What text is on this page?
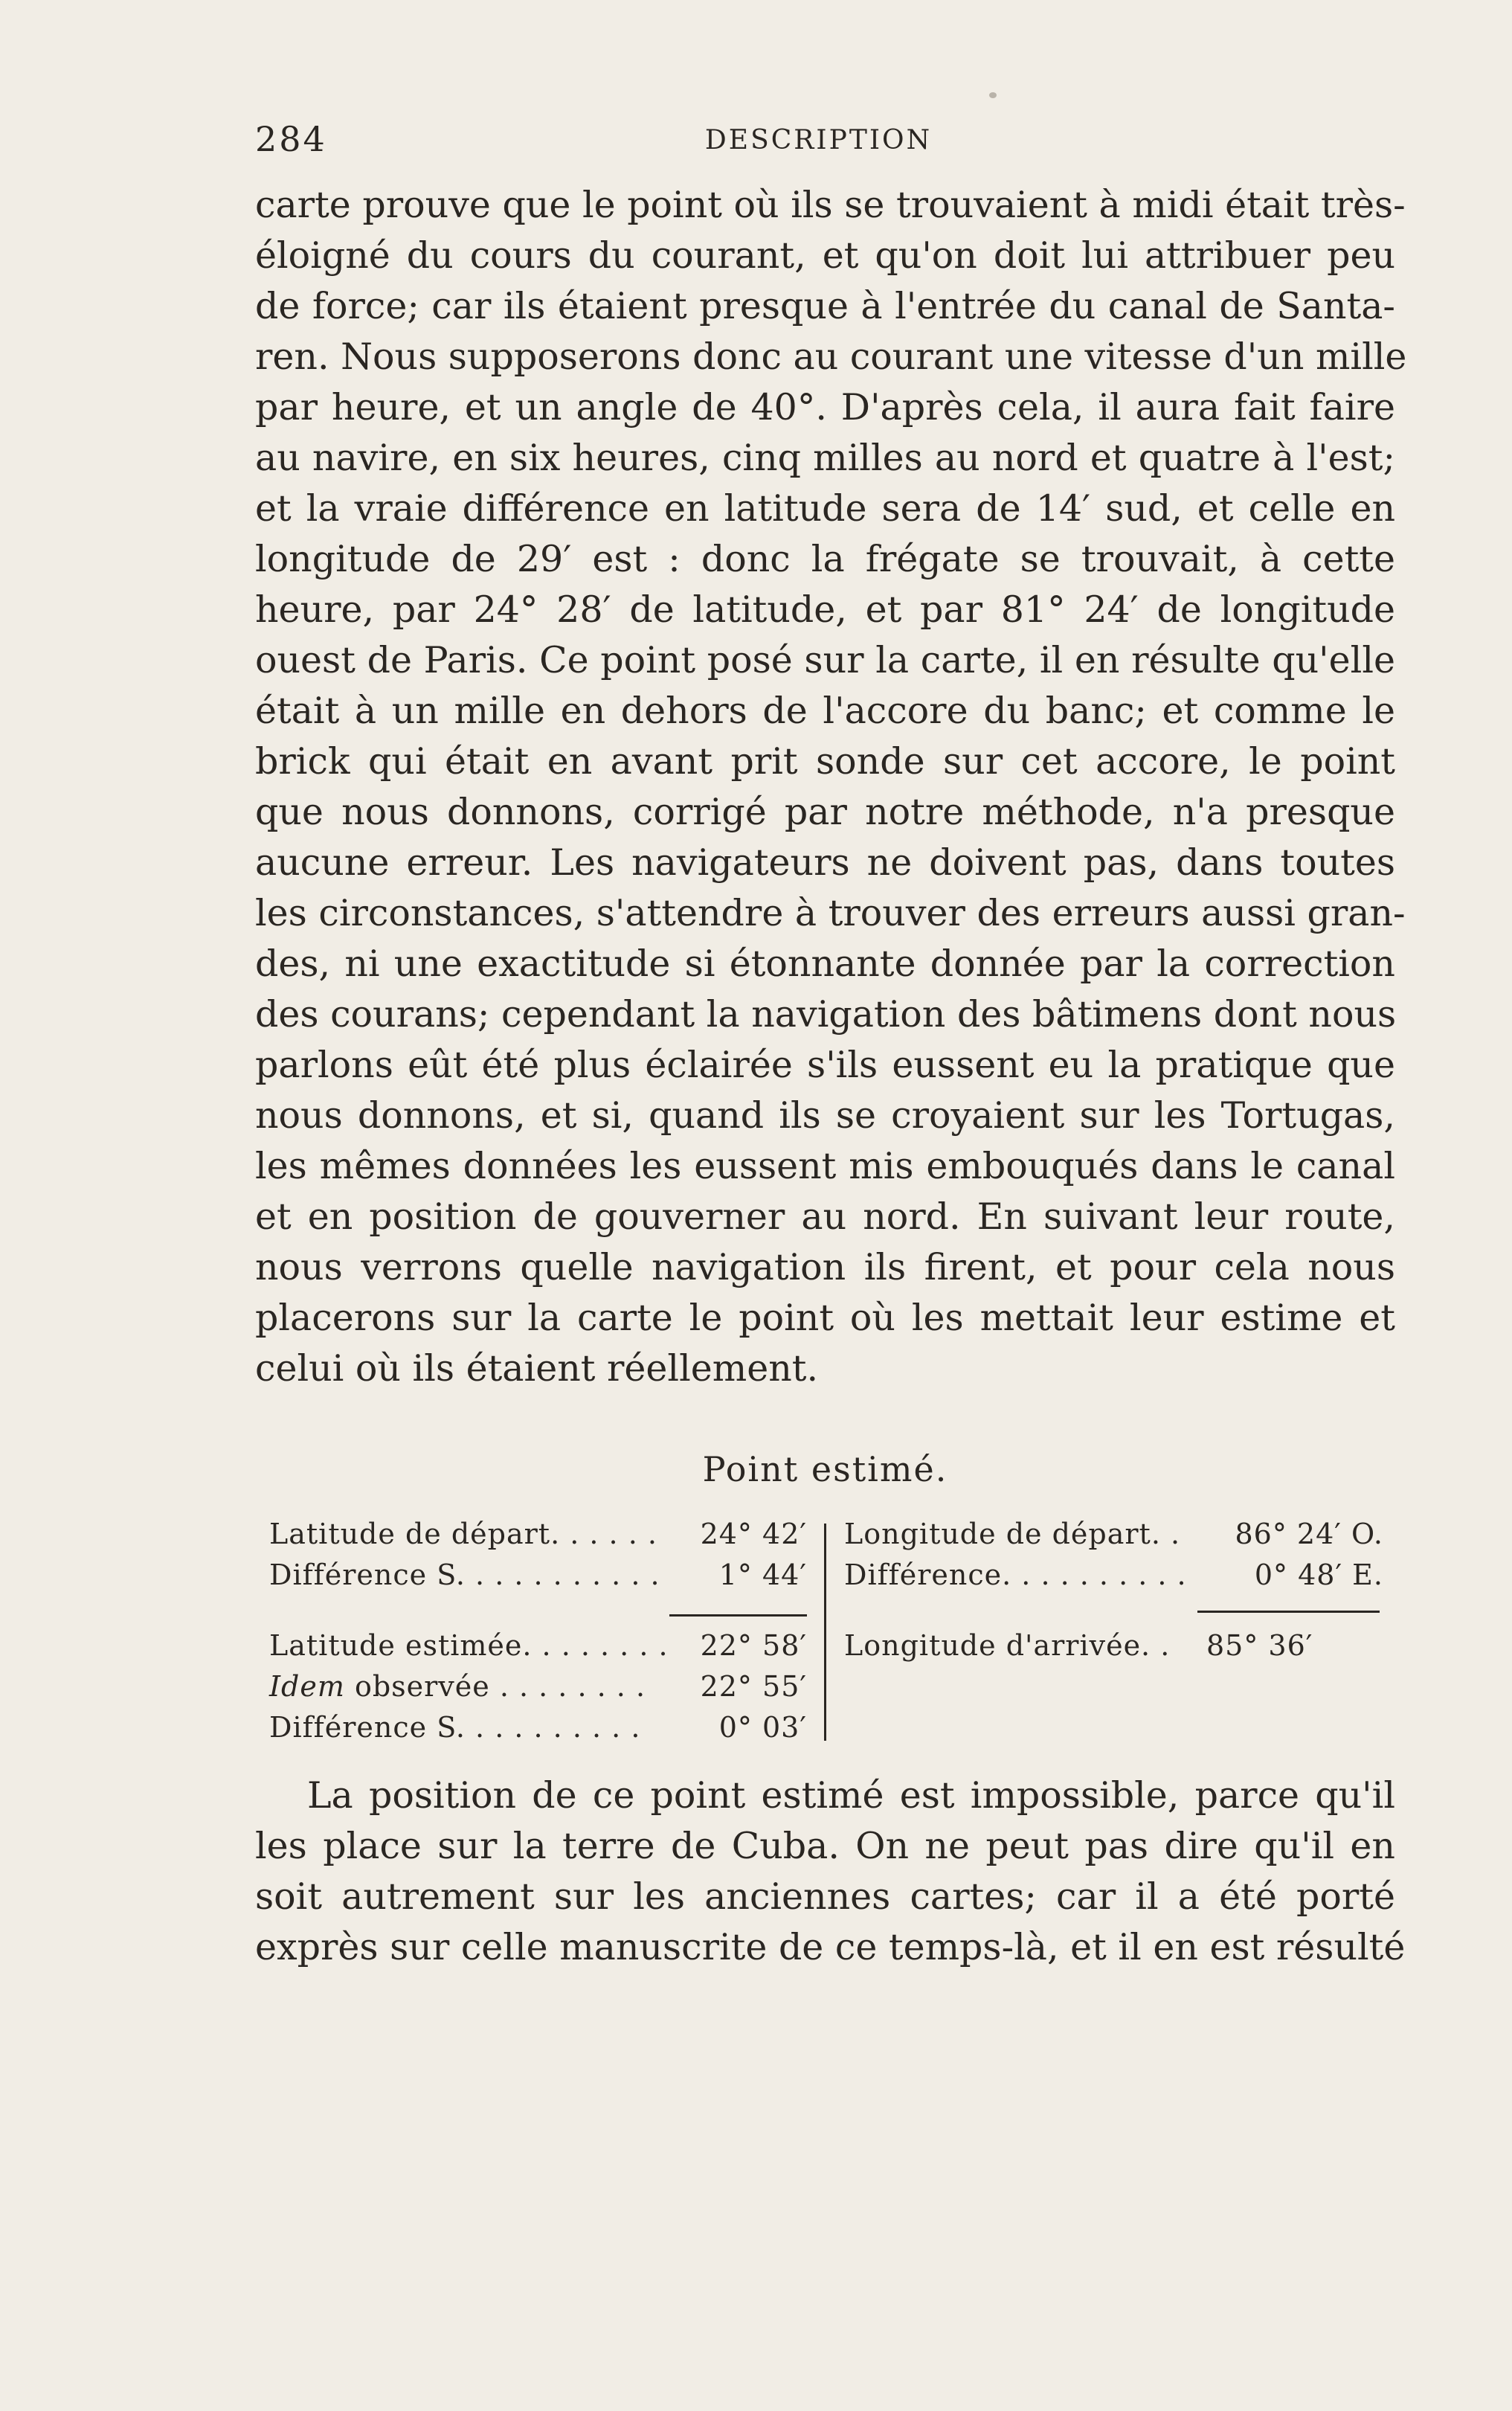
284	DESCRIPTION
carte prouve que le point où ils se trouvaient à midi était très-
éloigné du cours du courant, et qu'on doit lui attribuer peu
de force; car ils étaient presque à l'entrée du canal de Santa-
ren. Nous supposerons donc au courant une vitesse d'un mille
par heure, et un angle de 40°. D'après cela, il aura fait faire
au navire, en six heures, cinq milles au nord et quatre à l'est;
et la vraie différence en latitude sera de 14′ sud, et celle en
longitude de 29′ est : donc la frégate se trouvait, à cette
heure, par 24° 28′ de latitude, et par 81° 24′ de longitude
ouest de Paris. Ce point posé sur la carte, il en résulte qu'elle
était à un mille en dehors de l'accore du banc; et comme le
brick qui était en avant prit sonde sur cet accore, le point
que nous donnons, corrigé par notre méthode, n'a presque
aucune erreur. Les navigateurs ne doivent pas, dans toutes
les circonstances, s'attendre à trouver des erreurs aussi gran-
des, ni une exactitude si étonnante donnée par la correction
des courans; cependant la navigation des bâtimens dont nous
parlons eût été plus éclairée s'ils eussent eu la pratique que
nous donnons, et si, quand ils se croyaient sur les Tortugas,
les mêmes données les eussent mis embouqués dans le canal
et en position de gouverner au nord. En suivant leur route,
nous verrons quelle navigation ils firent, et pour cela nous
placerons sur la carte le point où les mettait leur estime et
celui où ils étaient réellement.
Point estimé.
Latitude de départ. . . . . .	24° 42′
Différence S. . . . . . . . . . .	1° 44′
Latitude estimée. . . . . . . .	22° 58′
Idem observée . . . . . . . .	22° 55′
Différence S. . . . . . . . . .	0° 03′
Longitude de départ. .	86° 24′ O.
Différence. . . . . . . . . .	0° 48′ E.
Longitude d'arrivée. .	85° 36′
La position de ce point estimé est impossible, parce qu'il
les place sur la terre de Cuba. On ne peut pas dire qu'il en
soit autrement sur les anciennes cartes; car il a été porté
exprès sur celle manuscrite de ce temps-là, et il en est résulté
